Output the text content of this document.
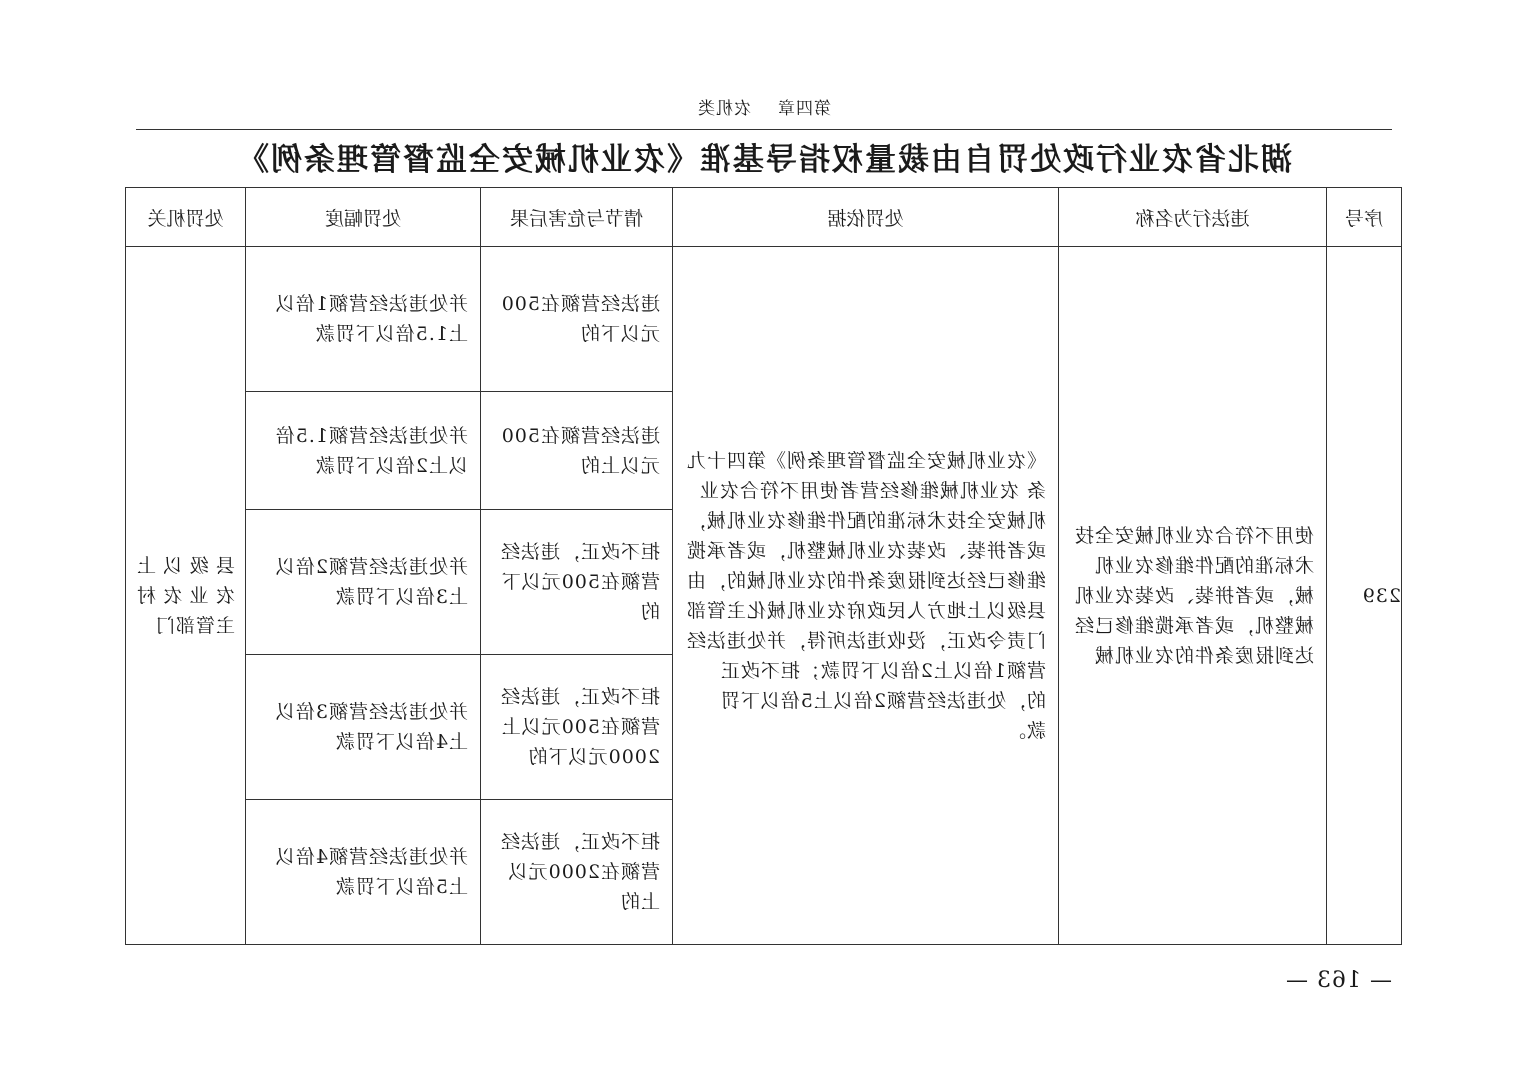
第四章农机类
湖北省农业行政处罚自由裁量权指导基准《农业机械安全监督管理条例》
序号	违法行为名称	处罚依据	情节与危害后果	处罚幅度	处罚机关

239	使用不符合农业机械安全技术标准的配件维修农业机械，或者拼装、改装农业机械整机，或者承揽维修已经达到报废条件的农业机械	《农业机械安全监督管理条例》第四十九条 农业机械维修经营者使用不符合农业机械安全技术标准的配件维修农业机械，或者拼装、改装农业机械整机，或者承揽维修已经达到报废条件的农业机械的，由县级以上地方人民政府农业机械化主管部门责令改正，没收违法所得，并处违法经营额1倍以上2倍以下罚款；拒不改正的，处违法经营额2倍以上5倍以下罚款。	违法经营额在500元以下的	并处违法经营额1倍以上1.5倍以下罚款	县级以上农业农村主管部门

			违法经营额在500元以上的	并处违法经营额1.5倍以上2倍以下罚款	

			拒不改正，违法经营额在500元以下的	并处违法经营额2倍以上3倍以下罚款	

			拒不改正，违法经营额在500元以上2000元以下的	并处违法经营额3倍以上4倍以下罚款	

			拒不改正，违法经营额在2000元以上的	并处违法经营额4倍以上5倍以下罚款	
— 163 —
